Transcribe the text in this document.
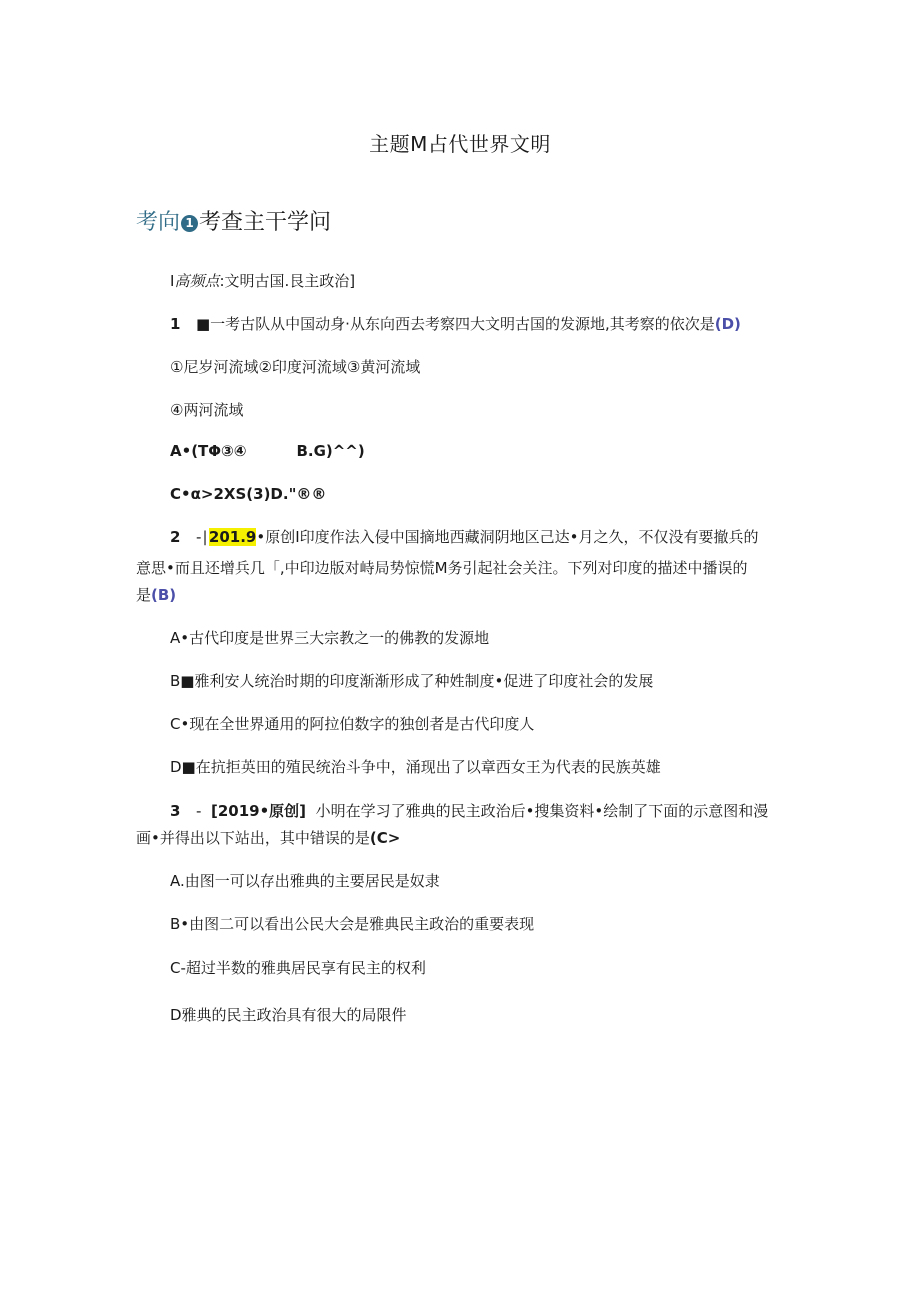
主题M占代世界文明
考向 1 考查主干学问
I高频点:文明古国.艮主政治]
1 ■一考古队从中国动身·从东向西去考察四大文明古国的发源地,其考察的依次是(D)
①尼岁河流域②印度河流域③黄河流域
④两河流域
A•(TΦ③④	B.G)^^)
C•α>2XS(3)D."®®
2 -∣201.9•原创I印度作法入侵中国摘地西藏洞阴地区己达•月之久，不仅没有要撤兵的
意思•而且还增兵几「,中印边版对峙局势惊慌M务引起社会关注。下列对印度的描述中播误的
是(B)
A•古代印度是世界三大宗教之一的佛教的发源地
B■雅利安人统治时期的印度渐渐形成了种姓制度•促进了印度社会的发展
C•现在全世界通用的阿拉伯数字的独创者是古代印度人
D■在抗拒英田的殖民统治斗争中，涌现出了以章西女王为代表的民族英雄
3 - [2019•原创] 小明在学习了雅典的民主政治后•搜集资料•绘制了下面的示意图和漫
画•并得出以下站出，其中错误的是(C>
A.由图一可以存出雅典的主要居民是奴隶
B•由图二可以看出公民大会是雅典民主政治的重要表现
C-超过半数的雅典居民享有民主的权利
D雅典的民主政治具有很大的局限件
